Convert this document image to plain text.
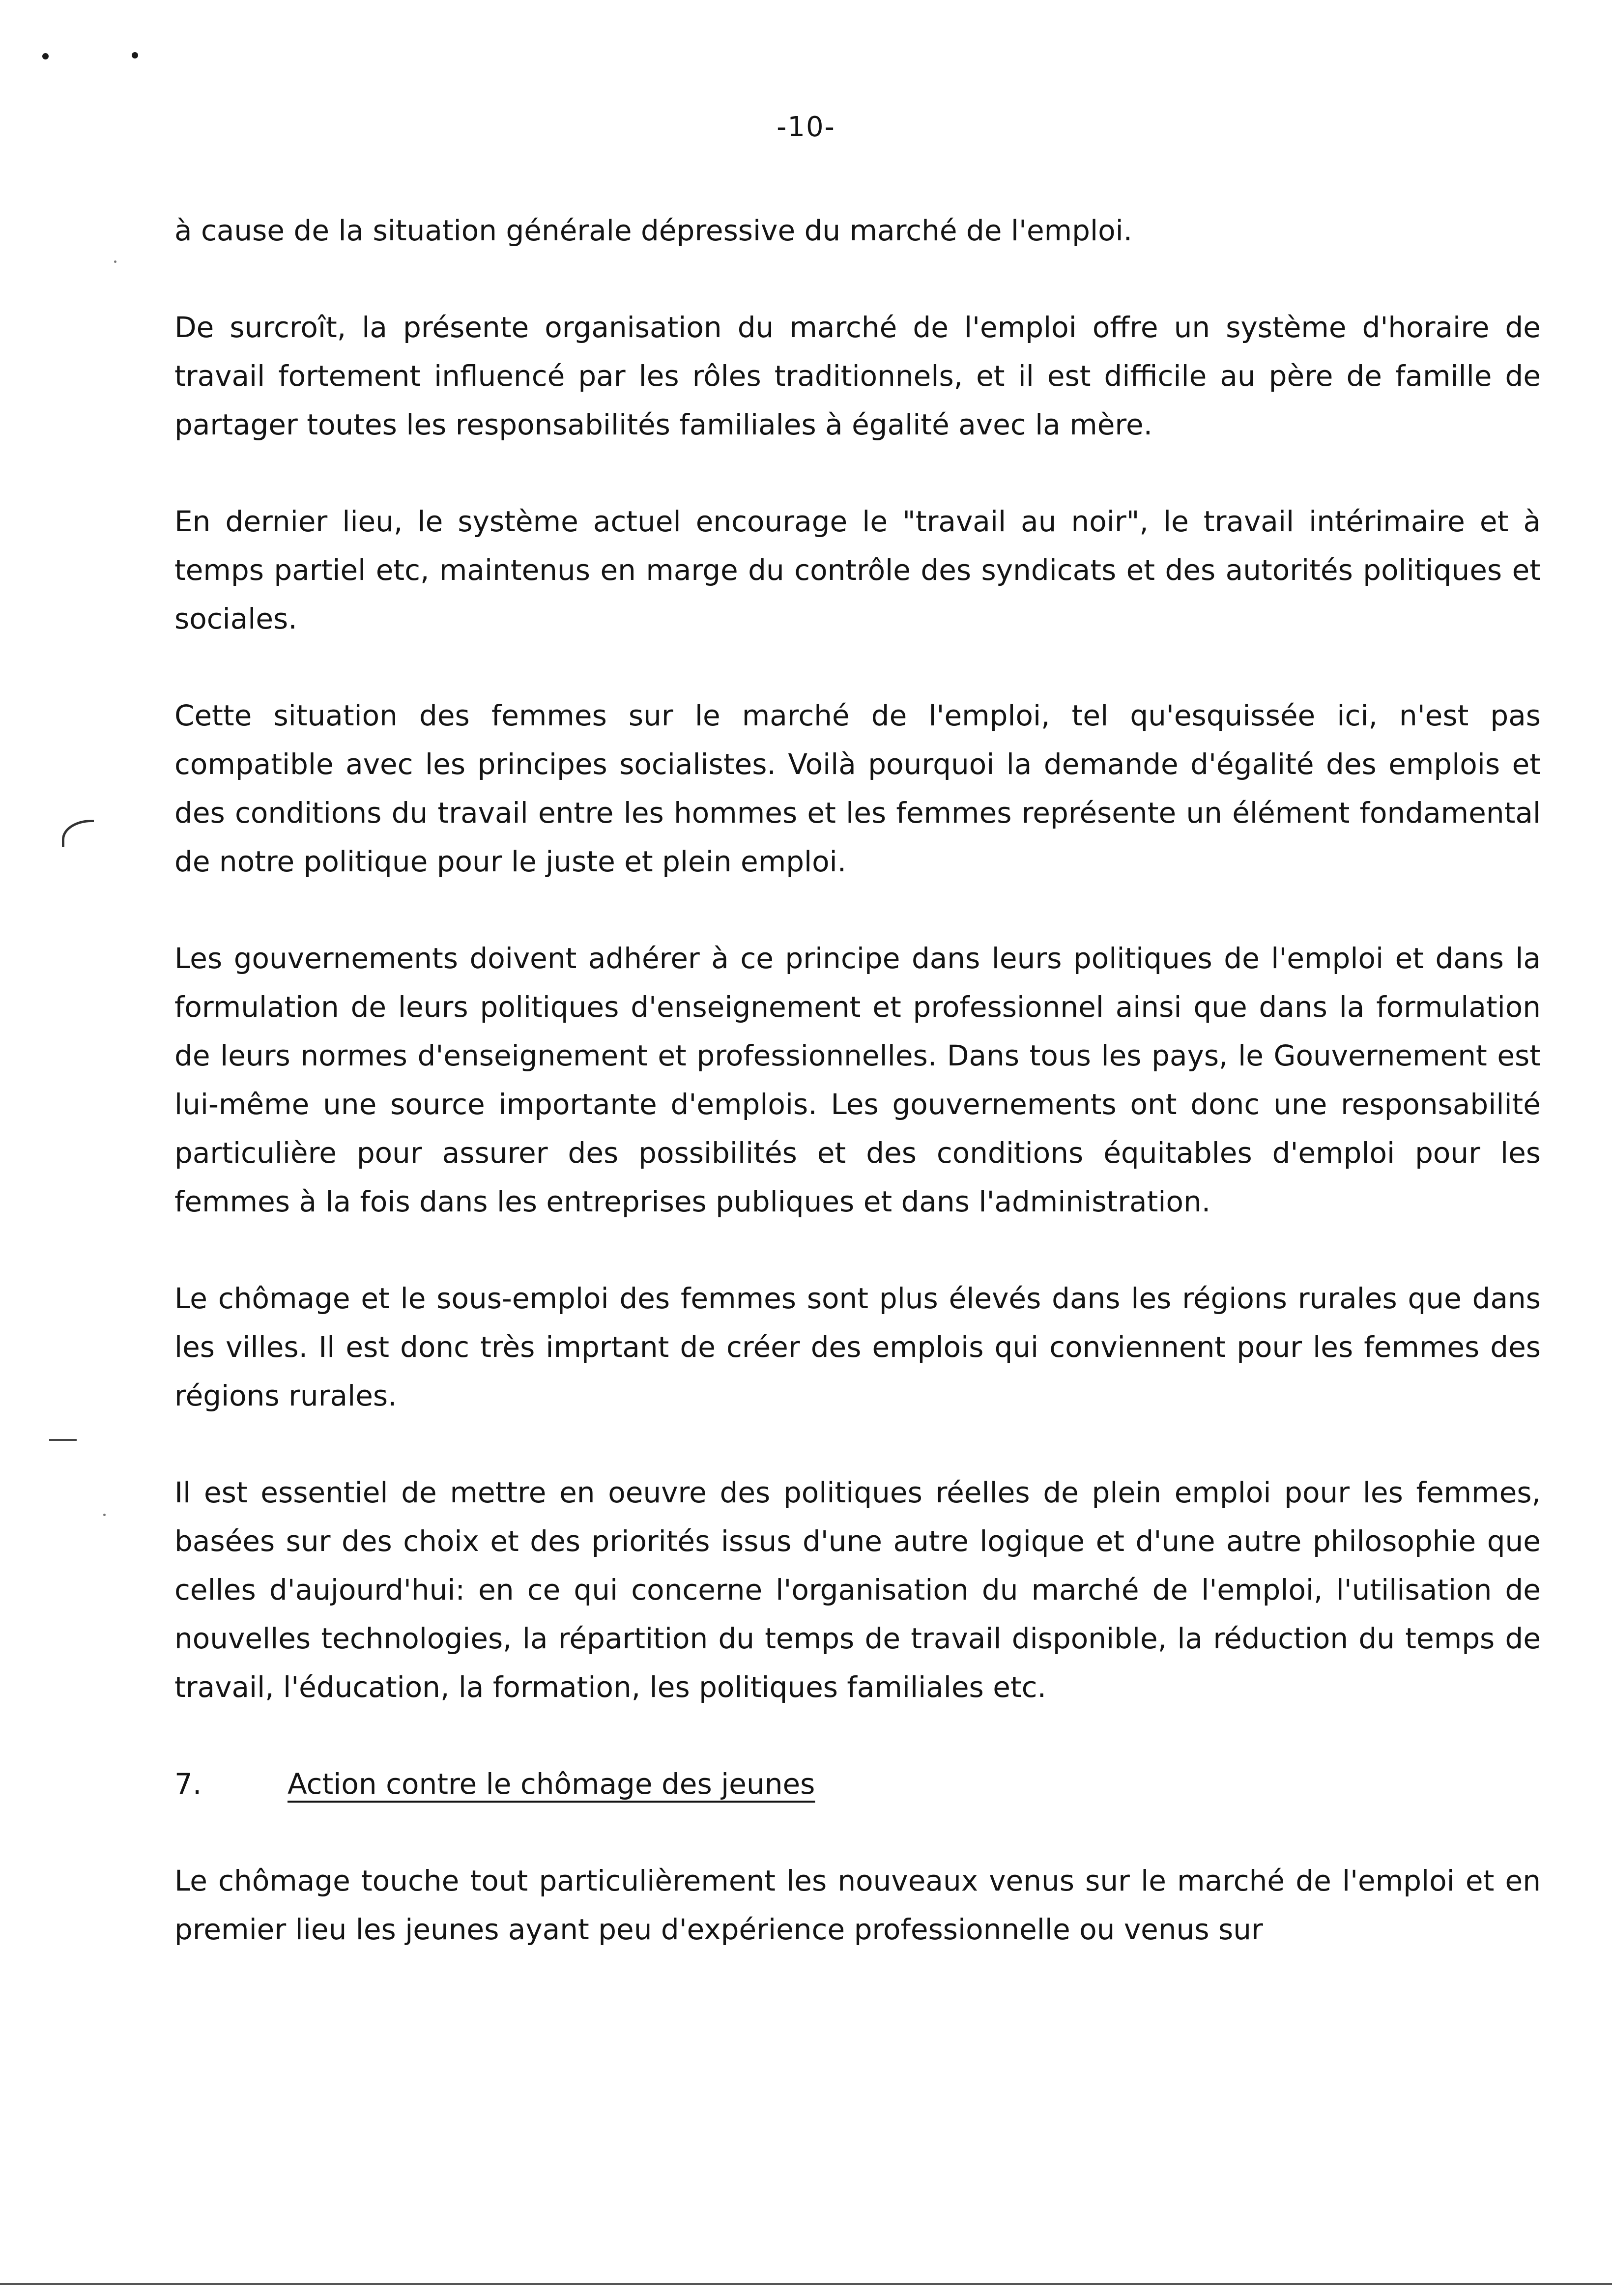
-10-

à cause de la situation générale dépressive du marché de l'emploi.

De surcroît, la présente organisation du marché de l'emploi offre un système d'horaire de travail fortement influencé par les rôles traditionnels, et il est difficile au père de famille de partager toutes les responsabilités familiales à égalité avec la mère.

En dernier lieu, le système actuel encourage le "travail au noir", le travail intérimaire et à temps partiel etc, maintenus en marge du contrôle des syndicats et des autorités politiques et sociales.

Cette situation des femmes sur le marché de l'emploi, tel qu'esquissée ici, n'est pas compatible avec les principes socialistes. Voilà pourquoi la demande d'égalité des emplois et des conditions du travail entre les hommes et les femmes représente un élément fondamental de notre politique pour le juste et plein emploi.

Les gouvernements doivent adhérer à ce principe dans leurs politiques de l'emploi et dans la formulation de leurs politiques d'enseignement et professionnel ainsi que dans la formulation de leurs normes d'enseignement et professionnelles. Dans tous les pays, le Gouvernement est lui-même une source importante d'emplois. Les gouvernements ont donc une responsabilité particulière pour assurer des possibilités et des conditions équitables d'emploi pour les femmes à la fois dans les entreprises publiques et dans l'administration.

Le chômage et le sous-emploi des femmes sont plus élevés dans les régions rurales que dans les villes. Il est donc très imprtant de créer des emplois qui conviennent pour les femmes des régions rurales.

Il est essentiel de mettre en oeuvre des politiques réelles de plein emploi pour les femmes, basées sur des choix et des priorités issus d'une autre logique et d'une autre philosophie que celles d'aujourd'hui: en ce qui concerne l'organisation du marché de l'emploi, l'utilisation de nouvelles technologies, la répartition du temps de travail disponible, la réduction du temps de travail, l'éducation, la formation, les politiques familiales etc.

7.	Action contre le chômage des jeunes

Le chômage touche tout particulièrement les nouveaux venus sur le marché de l'emploi et en premier lieu les jeunes ayant peu d'expérience professionnelle ou venus sur
